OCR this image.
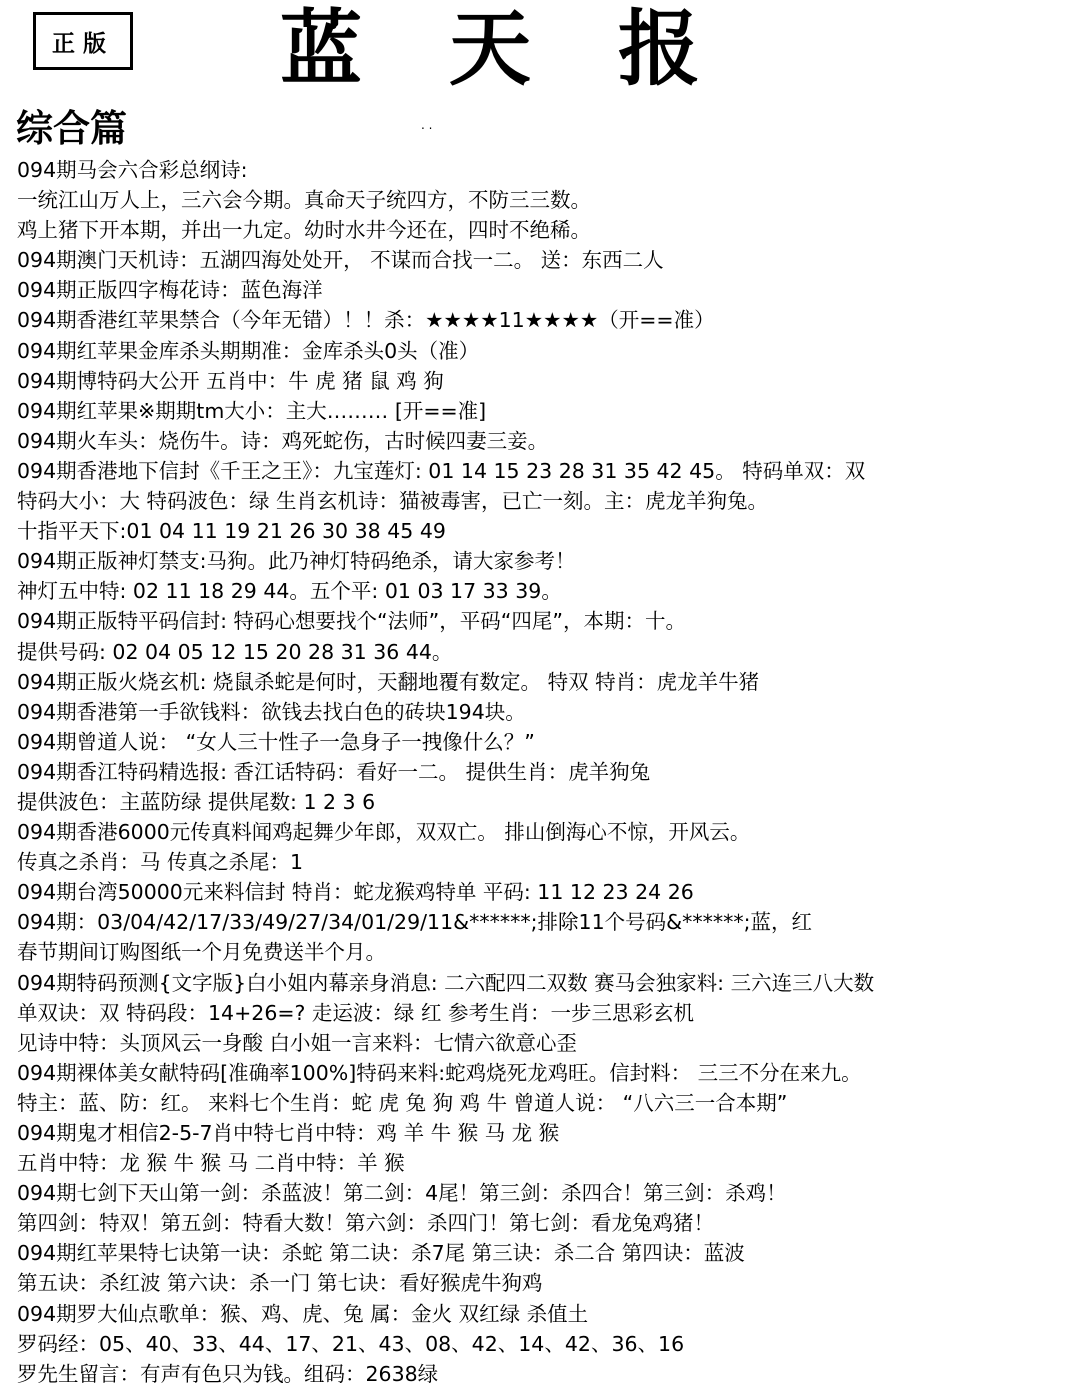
正版 蓝 天 报
综合篇	. .
094期马会六合彩总纲诗:
一统江山万人上，三六会今期。真命天子统四方，不防三三数。
鸡上猪下开本期，并出一九定。幼时水井今还在，四时不绝稀。
094期澳门天机诗：五湖四海处处开， 不谋而合找一二。 送：东西二人
094期正版四字梅花诗：蓝色海洋
094期香港红苹果禁合（今年无错）！！杀：★★★★11★★★★（开==准）
094期红苹果金库杀头期期准：金库杀头0头（准）
094期博特码大公开 五肖中：牛 虎 猪 鼠 鸡 狗
094期红苹果※期期tm大小：主大……… [开==准]
094期火车头：烧伤牛。诗：鸡死蛇伤，古时候四妻三妾。
094期香港地下信封《千王之王》：九宝莲灯: 01 14 15 23 28 31 35 42 45。 特码单双：双
特码大小：大 特码波色：绿 生肖玄机诗：猫被毒害，已亡一刻。主：虎龙羊狗兔。
十指平天下:01 04 11 19 21 26 30 38 45 49
094期正版神灯禁支:马狗。此乃神灯特码绝杀，请大家参考！
神灯五中特: 02 11 18 29 44。五个平: 01 03 17 33 39。
094期正版特平码信封: 特码心想要找个“法师”，平码“四尾”，本期：十。
提供号码: 02 04 05 12 15 20 28 31 36 44。
094期正版火烧玄机: 烧鼠杀蛇是何时，天翻地覆有数定。 特双 特肖：虎龙羊牛猪
094期香港第一手欲钱料：欲钱去找白色的砖块194块。
094期曾道人说： “女人三十性子一急身子一拽像什么？”
094期香江特码精选报: 香江话特码：看好一二。 提供生肖：虎羊狗兔
提供波色：主蓝防绿 提供尾数: 1 2 3 6
094期香港6000元传真料闻鸡起舞少年郎，双双亡。 排山倒海心不惊，开风云。
传真之杀肖：马 传真之杀尾：1
094期台湾50000元来料信封 特肖：蛇龙猴鸡特单 平码: 11 12 23 24 26
094期：03/04/42/17/33/49/27/34/01/29/11&******;排除11个号码&******;蓝，红
春节期间订购图纸一个月免费送半个月。
094期特码预测{文字版}白小姐内幕亲身消息: 二六配四二双数 赛马会独家料: 三六连三八大数
单双诀：双 特码段：14+26=? 走运波：绿 红 参考生肖：一步三思彩玄机
见诗中特：头顶风云一身酸 白小姐一言来料：七情六欲意心歪
094期裸体美女献特码[准确率100%]特码来料:蛇鸡烧死龙鸡旺。信封料： 三三不分在来九。
特主：蓝、防：红。 来料七个生肖：蛇 虎 兔 狗 鸡 牛 曾道人说： “八六三一合本期”
094期鬼才相信2-5-7肖中特七肖中特：鸡 羊 牛 猴 马 龙 猴
五肖中特：龙 猴 牛 猴 马 二肖中特：羊 猴
094期七剑下天山第一剑：杀蓝波！第二剑：4尾！第三剑：杀四合！第三剑：杀鸡！
第四剑：特双！第五剑：特看大数！第六剑：杀四门！第七剑：看龙兔鸡猪！
094期红苹果特七诀第一诀：杀蛇 第二诀：杀7尾 第三诀：杀二合 第四诀：蓝波
第五诀：杀红波 第六诀：杀一门 第七诀：看好猴虎牛狗鸡
094期罗大仙点歌单：猴、鸡、虎、兔 属：金火 双红绿 杀值土
罗码经：05、40、33、44、17、21、43、08、42、14、42、36、16
罗先生留言：有声有色只为钱。组码：2638绿
